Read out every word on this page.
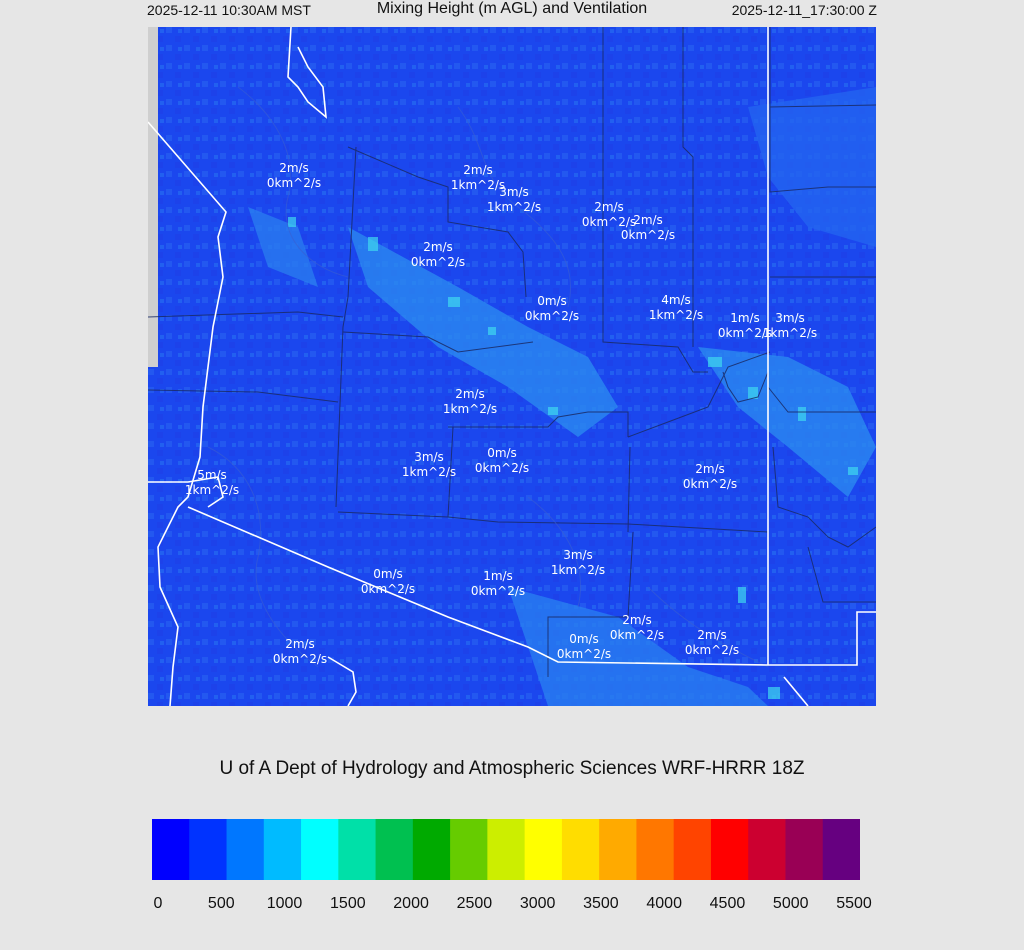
2025-12-11 10:30AM MST	Mixing Height (m AGL) and Ventilation	2025-12-11_17:30:00 Z
2m/s
0km^2/s
2m/s
1km^2/s
3m/s
1km^2/s	2m/s
0km^2/s
2m/s
0km^2/s
2m/s
0km^2/s
0m/s
0km^2/s
4m/s
1km^2/s 1m/s
0km^2/s
3m/s
1km^2/s
2m/s
1km^2/s
3m/s
1km^2/s
0m/s
0km^2/s
5m/s
1km^2/s
2m/s
0km^2/s
3m/s
1km^2/s
0m/s
0km^2/s
1m/s
0km^2/s
2m/s
0km^2/s
0m/s
0km^2/s
2m/s
0km^2/s	2m/s
0km^2/s
U of A Dept of Hydrology and Atmospheric Sciences WRF-HRRR 18Z
0	500 1000 1500 2000 2500 3000 3500 4000 4500 5000 5500
